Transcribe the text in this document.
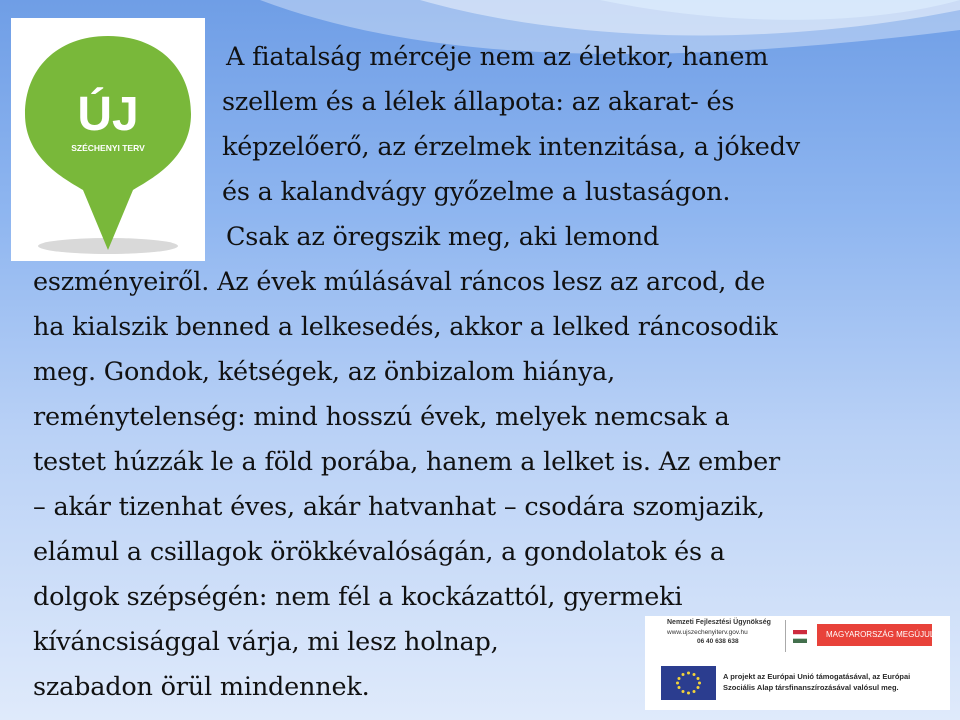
ÚJ
SZÉCHENYI TERV
A fiatalság mércéje nem az életkor, hanem
szellem és a lélek állapota: az akarat- és
képzelőerő, az érzelmek intenzitása, a jókedv
és a kalandvágy győzelme a lustaságon.
Csak az öregszik meg, aki lemond
eszményeiről. Az évek múlásával ráncos lesz az arcod, de
ha kialszik benned a lelkesedés, akkor a lelked ráncosodik
meg. Gondok, kétségek, az önbizalom hiánya,
reménytelenség: mind hosszú évek, melyek nemcsak a
testet húzzák le a föld porába, hanem a lelket is. Az ember
– akár tizenhat éves, akár hatvanhat – csodára szomjazik,
elámul a csillagok örökkévalóságán, a gondolatok és a
dolgok szépségén: nem fél a kockázattól, gyermeki
kíváncsisággal várja, mi lesz holnap,
szabadon örül mindennek.
Nemzeti Fejlesztési Ügynökség
www.ujszechenyiterv.gov.hu
06 40 638 638
MAGYARORSZÁG MEGÚJUL
A projekt az Európai Unió támogatásával, az Európai
Szociális Alap társfinanszírozásával valósul meg.
